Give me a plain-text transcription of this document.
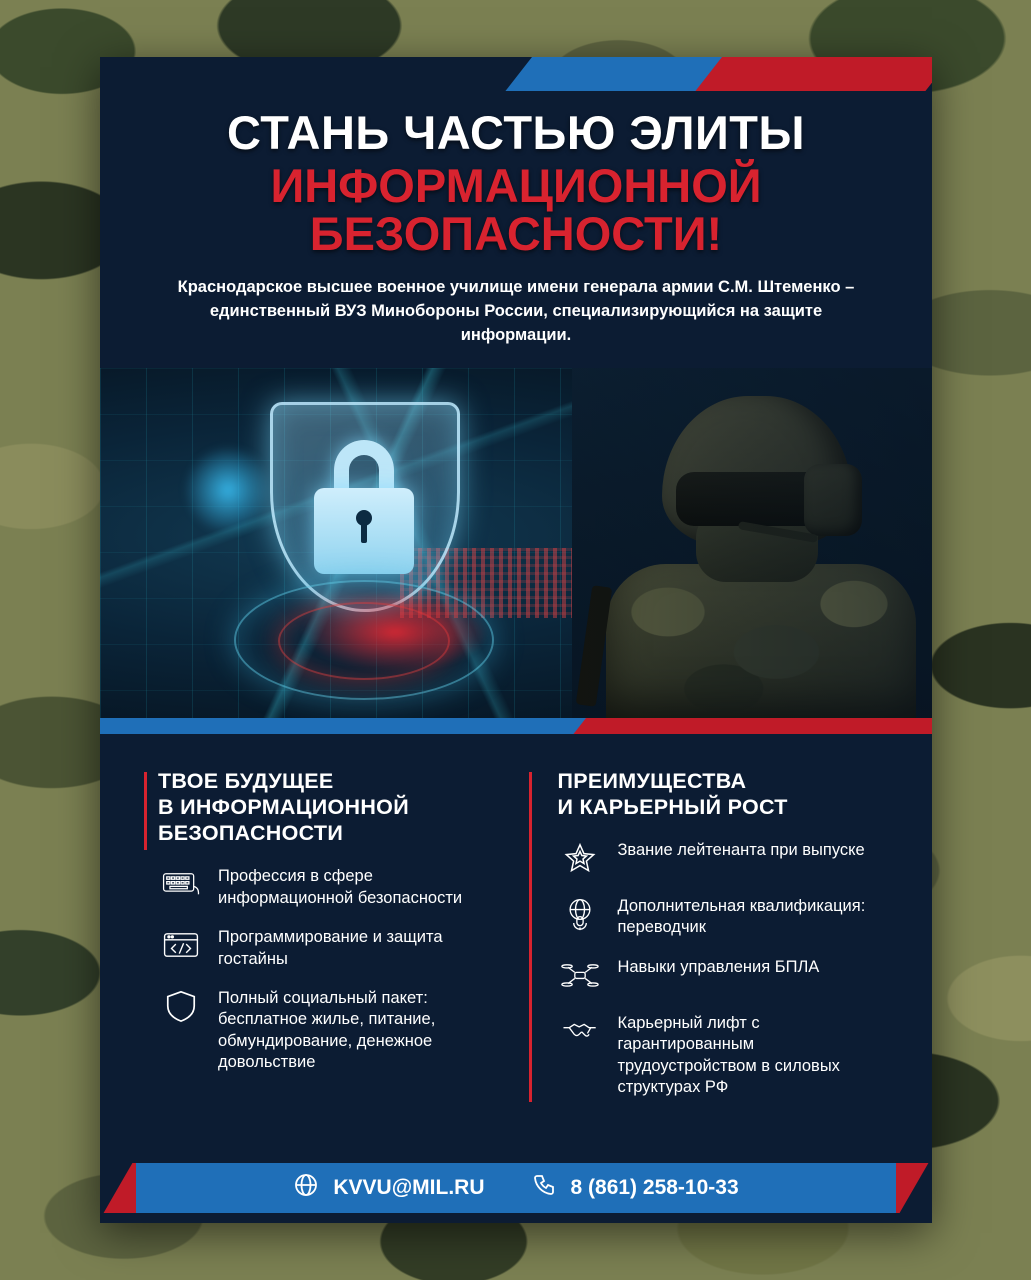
СТАНЬ ЧАСТЬЮ ЭЛИТЫ
ИНФОРМАЦИОННОЙ
БЕЗОПАСНОСТИ!

Краснодарское высшее военное училище имени генерала армии С.М. Штеменко – единственный ВУЗ Минобороны России, специализирующийся на защите информации.

ТВОЕ БУДУЩЕЕ
В ИНФОРМАЦИОННОЙ
БЕЗОПАСНОСТИ
Профессия в сфере информационной безопасности
Программирование и защита гостайны
Полный социальный пакет: бесплатное жилье, питание, обмундирование, денежное довольствие
ПРЕИМУЩЕСТВА
И КАРЬЕРНЫЙ РОСТ
Звание лейтенанта при выпуске
Дополнительная квалификация: переводчик
Навыки управления БПЛА
Карьерный лифт с гарантированным трудоустройством в силовых структурах РФ
KVVU@MIL.RU	8 (861) 258-10-33
